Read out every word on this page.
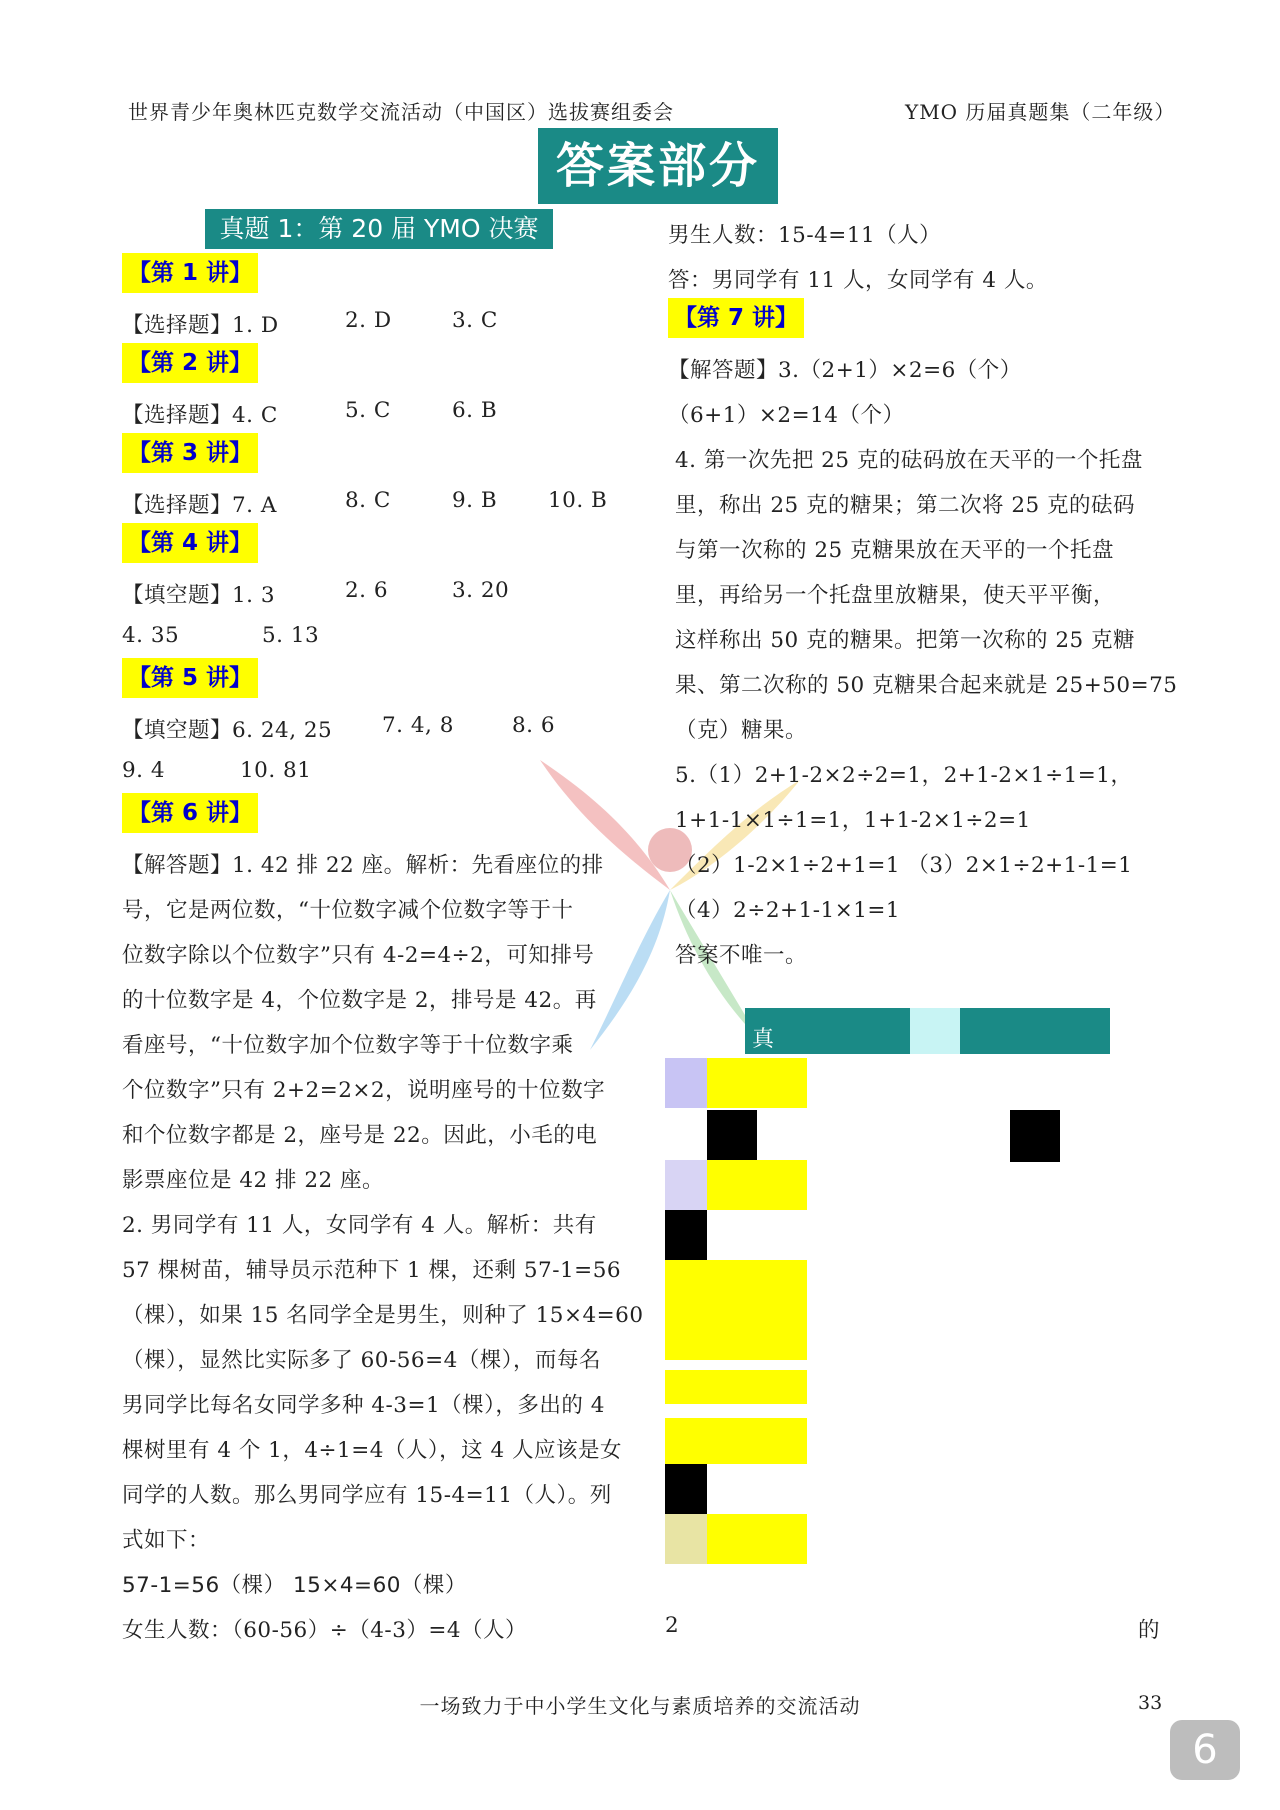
世界青少年奥林匹克数学交流活动（中国区）选拔赛组委会	YMO 历届真题集（二年级）
答案部分
真题 1：第 20 届 YMO 决赛
【第 1 讲】
【选择题】1. D	2. D	3. C
【第 2 讲】
【选择题】4. C	5. C	6. B
【第 3 讲】
【选择题】7. A	8. C	9. B 10. B
【第 4 讲】
【填空题】1. 3	2. 6	3. 20
4. 35	5. 13
【第 5 讲】
【填空题】6. 24, 25 7. 4, 8	8. 6
9. 4	10. 81
【第 6 讲】
【解答题】1. 42 排 22 座。解析：先看座位的排
号，它是两位数，“十位数字减个位数字等于十
位数字除以个位数字”只有 4-2=4÷2，可知排号
的十位数字是 4，个位数字是 2，排号是 42。再
看座号，“十位数字加个位数字等于十位数字乘
个位数字”只有 2+2=2×2，说明座号的十位数字
和个位数字都是 2，座号是 22。因此，小毛的电
影票座位是 42 排 22 座。
2. 男同学有 11 人，女同学有 4 人。解析：共有
57 棵树苗，辅导员示范种下 1 棵，还剩 57-1=56
（棵），如果 15 名同学全是男生，则种了 15×4=60
（棵），显然比实际多了 60-56=4（棵），而每名
男同学比每名女同学多种 4-3=1（棵），多出的 4
棵树里有 4 个 1，4÷1=4（人），这 4 人应该是女
同学的人数。那么男同学应有 15-4=11（人）。列
式如下：
57-1=56（棵） 15×4=60（棵）
女生人数：（60-56）÷（4-3）=4（人）
男生人数：15-4=11（人）
答：男同学有 11 人，女同学有 4 人。
【第 7 讲】
【解答题】3.（2+1）×2=6（个）
（6+1）×2=14（个）
4. 第一次先把 25 克的砝码放在天平的一个托盘
里，称出 25 克的糖果；第二次将 25 克的砝码
与第一次称的 25 克糖果放在天平的一个托盘
里，再给另一个托盘里放糖果，使天平平衡，
这样称出 50 克的糖果。把第一次称的 25 克糖
果、第二次称的 50 克糖果合起来就是 25+50=75
（克）糖果。
5.（1）2+1-2×2÷2=1，2+1-2×1÷1=1，
1+1-1×1÷1=1，1+1-2×1÷2=1
（2）1-2×1÷2+1=1 （3）2×1÷2+1-1=1
（4）2÷2+1-1×1=1
答案不唯一。
真
2	的
一场致力于中小学生文化与素质培养的交流活动	33
6
